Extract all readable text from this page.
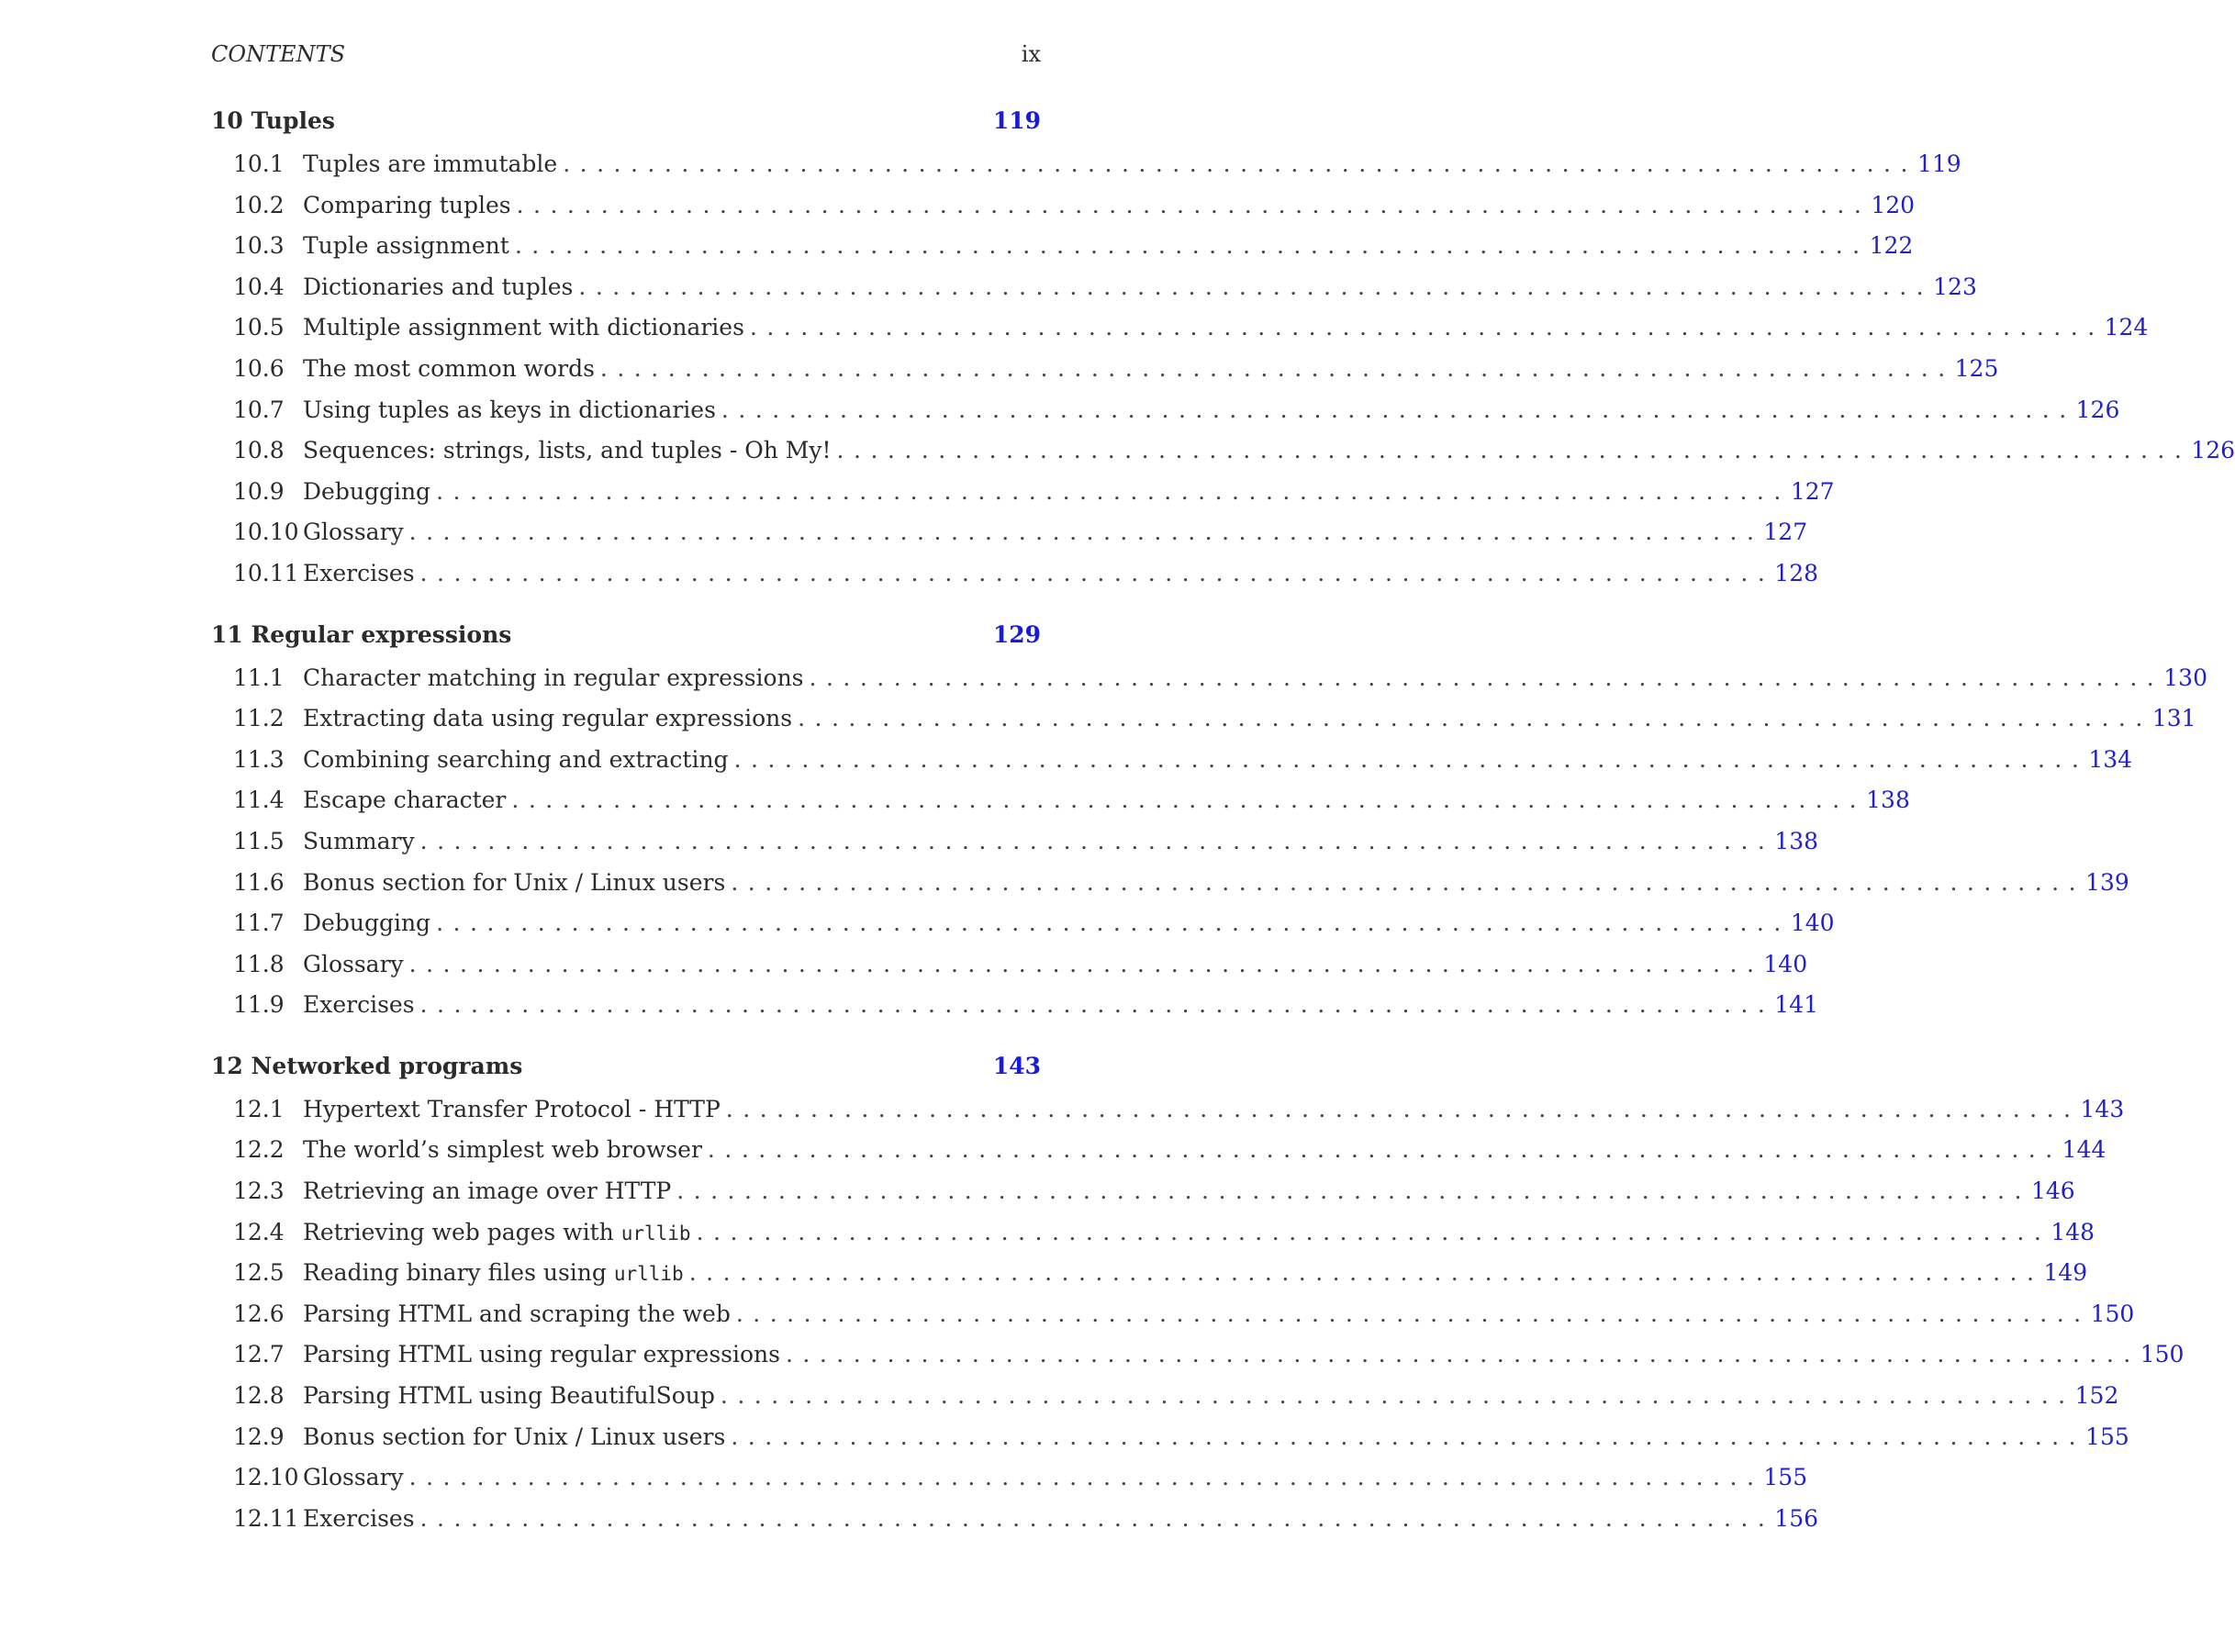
CONTENTS	ix
10 Tuples	119
10.1 Tuples are immutable ................................................................................ 119
10.2 Comparing tuples ................................................................................ 120
10.3 Tuple assignment ................................................................................ 122
10.4 Dictionaries and tuples ................................................................................ 123
10.5 Multiple assignment with dictionaries ................................................................................ 124
10.6 The most common words ................................................................................ 125
10.7 Using tuples as keys in dictionaries ................................................................................ 126
10.8 Sequences: strings, lists, and tuples - Oh My! ................................................................................ 126
10.9 Debugging ................................................................................ 127
10.10 Glossary ................................................................................ 127
10.11 Exercises ................................................................................ 128
11 Regular expressions	129
11.1 Character matching in regular expressions ................................................................................ 130
11.2 Extracting data using regular expressions ................................................................................ 131
11.3 Combining searching and extracting ................................................................................ 134
11.4 Escape character ................................................................................ 138
11.5 Summary ................................................................................ 138
11.6 Bonus section for Unix / Linux users ................................................................................ 139
11.7 Debugging ................................................................................ 140
11.8 Glossary ................................................................................ 140
11.9 Exercises ................................................................................ 141
12 Networked programs	143
12.1 Hypertext Transfer Protocol - HTTP ................................................................................ 143
12.2 The world’s simplest web browser ................................................................................ 144
12.3 Retrieving an image over HTTP ................................................................................ 146
12.4 Retrieving web pages with urllib ................................................................................ 148
12.5 Reading binary files using urllib ................................................................................ 149
12.6 Parsing HTML and scraping the web ................................................................................ 150
12.7 Parsing HTML using regular expressions ................................................................................ 150
12.8 Parsing HTML using BeautifulSoup ................................................................................ 152
12.9 Bonus section for Unix / Linux users ................................................................................ 155
12.10 Glossary ................................................................................ 155
12.11 Exercises ................................................................................ 156
